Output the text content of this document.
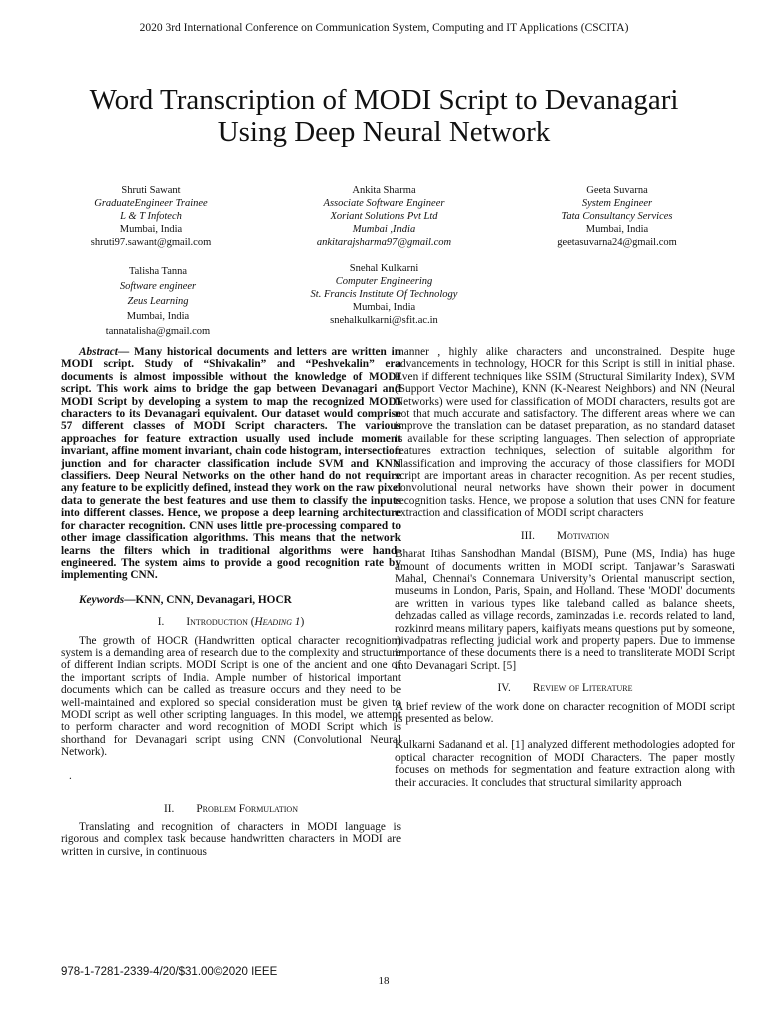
2020 3rd International Conference on Communication System, Computing and IT Applications (CSCITA)
Word Transcription of MODI Script to Devanagari
Using Deep Neural Network
Shruti Sawant
GraduateEngineer Trainee
L & T Infotech
Mumbai, India
shruti97.sawant@gmail.com
Ankita Sharma
Associate Software Engineer
Xoriant Solutions Pvt Ltd
Mumbai ,India
ankitarajsharma97@gmail.com
Geeta Suvarna
System Engineer
Tata Consultancy Services
Mumbai, India
geetasuvarna24@gmail.com
Talisha Tanna
Software engineer
Zeus Learning
Mumbai, India
tannatalisha@gmail.com
Snehal Kulkarni
Computer Engineering
St. Francis Institute Of Technology
Mumbai, India
snehalkulkarni@sfit.ac.in

Abstract— Many historical documents and letters are written in MODI script. Study of “Shivakalin” and “Peshvekalin” era documents is almost impossible without the knowledge of MODI script. This work aims to bridge the gap between Devanagari and MODI Script by developing a system to map the recognized MODI characters to its Devanagari equivalent. Our dataset would comprise 57 different classes of MODI Script characters. The various approaches for feature extraction usually used include moment invariant, affine moment invariant, chain code histogram, intersection junction and for character classification include SVM and KNN classifiers. Deep Neural Networks on the other hand do not require any feature to be explicitly defined, instead they work on the raw pixel data to generate the best features and use them to classify the inputs into different classes. Hence, we propose a deep learning architecture for character recognition. CNN uses little pre-processing compared to other image classification algorithms. This means that the network learns the filters which in traditional algorithms were hand-engineered. The system aims to provide a good recognition rate by implementing CNN.

Keywords—KNN, CNN, Devanagari, HOCR

I. Introduction (Heading 1)

The growth of HOCR (Handwritten optical character recognition) system is a demanding area of research due to the complexity and structure of different Indian scripts. MODI Script is one of the ancient and one of the important scripts of India. Ample number of historical important documents which can be called as treasure occurs and they need to be well-maintained and explored so special consideration must be given to MODI script as well other scripting languages. In this model, we attempt to perform character and word recognition of MODI Script which is shorthand for Devanagari script using CNN (Convolutional Neural Network).

.

II. Problem Formulation

Translating and recognition of characters in MODI language is rigorous and complex task because handwritten characters in MODI are written in cursive, in continuous

manner , highly alike characters and unconstrained. Despite huge advancements in technology, HOCR for this Script is still in initial phase. Even if different techniques like SSIM (Structural Similarity Index), SVM (Support Vector Machine), KNN (K-Nearest Neighbors) and NN (Neural Networks) were used for classification of MODI characters, results got are not that much accurate and satisfactory. The different areas where we can improve the translation can be dataset preparation, as no standard dataset is available for these scripting languages. Then selection of appropriate features extraction techniques, selection of suitable algorithm for classification and improving the accuracy of those classifiers for MODI script are important areas in character recognition. As per recent studies, convolutional neural networks have shown their power in document recognition tasks. Hence, we propose a solution that uses CNN for feature extraction and classification of MODI script characters

III. Motivation

Bharat Itihas Sanshodhan Mandal (BISM), Pune (MS, India) has huge amount of documents written in MODI script. Tanjawar’s Saraswati Mahal, Chennai's Connemara University’s Oriental manuscript section, museums in London, Paris, Spain, and Holland. These 'MODI' documents are written in various types like taleband called as balance sheets, dehzadas called as village records, zaminzadas i.e. records related to land, rozkinrd means military papers, kaifiyats means questions put by someone, nivadpatras reflecting judicial work and property papers. Due to immense importance of these documents there is a need to transliterate MODI Script into Devanagari Script. [5]

IV. Review of Literature

A brief review of the work done on character recognition of MODI script is presented as below.

Kulkarni Sadanand et al. [1] analyzed different methodologies adopted for optical character recognition of MODI Characters. The paper mostly focuses on methods for segmentation and feature extraction along with their accuracies. It concludes that structural similarity approach

978-1-7281-2339-4/20/$31.00©2020 IEEE
18
